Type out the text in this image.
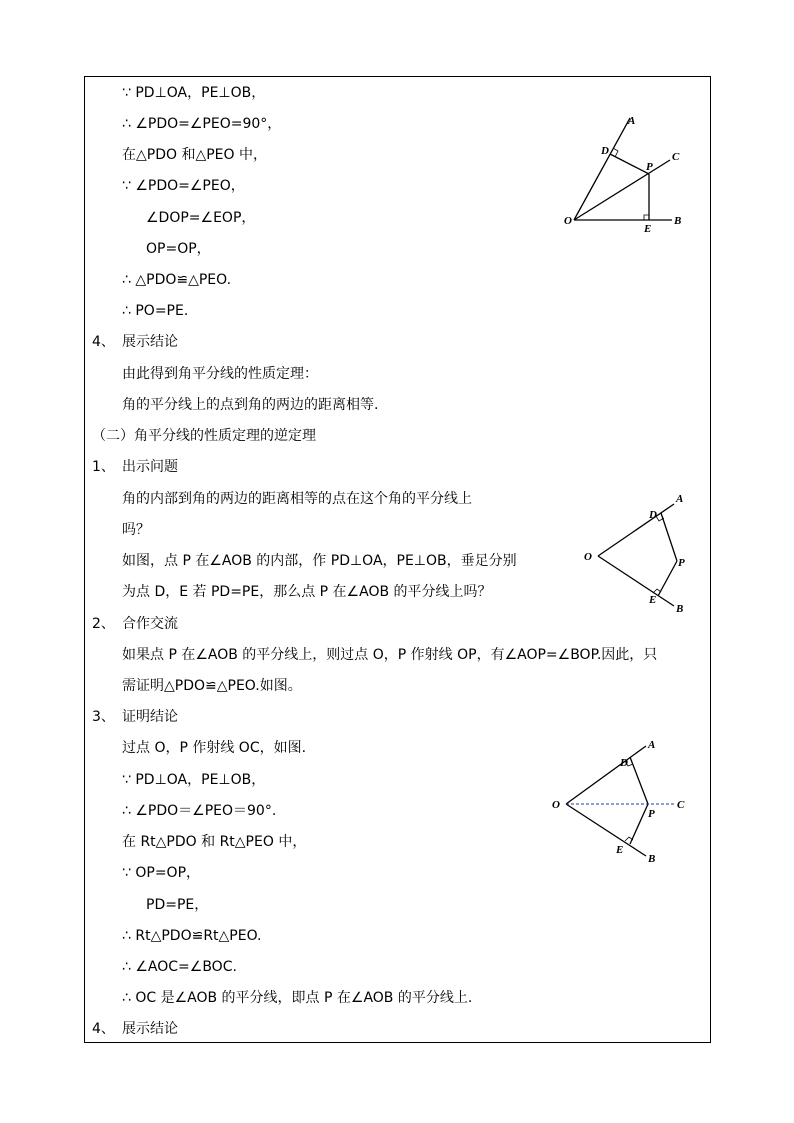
∵ PD⊥OA，PE⊥OB，
∴ ∠PDO=∠PEO=90°，
在△PDO 和△PEO 中，
∵ ∠PDO=∠PEO，
∠DOP=∠EOP，
OP=OP，
∴ △PDO≌△PEO.
∴ PO=PE.
4、 展示结论
由此得到角平分线的性质定理：
角的平分线上的点到角的两边的距离相等.
（二）角平分线的性质定理的逆定理
1、 出示问题
角的内部到角的两边的距离相等的点在这个角的平分线上
吗？
如图，点 P 在∠AOB 的内部，作 PD⊥OA，PE⊥OB，垂足分别
为点 D，E 若 PD=PE，那么点 P 在∠AOB 的平分线上吗？
2、 合作交流
如果点 P 在∠AOB 的平分线上，则过点 O，P 作射线 OP，有∠AOP=∠BOP.因此，只
需证明△PDO≌△PEO.如图。
3、 证明结论
过点 O，P 作射线 OC，如图.
∵ PD⊥OA，PE⊥OB，
∴ ∠PDO＝∠PEO＝90°.
在 Rt△PDO 和 Rt△PEO 中，
∵ OP=OP，
PD=PE，
∴ Rt△PDO≌Rt△PEO.
∴ ∠AOC=∠BOC.
∴ OC 是∠AOB 的平分线，即点 P 在∠AOB 的平分线上.
4、 展示结论
A
D
P
C
O
E
B
A
D
O	P
E
B
A
D
O
P
C
E
B
